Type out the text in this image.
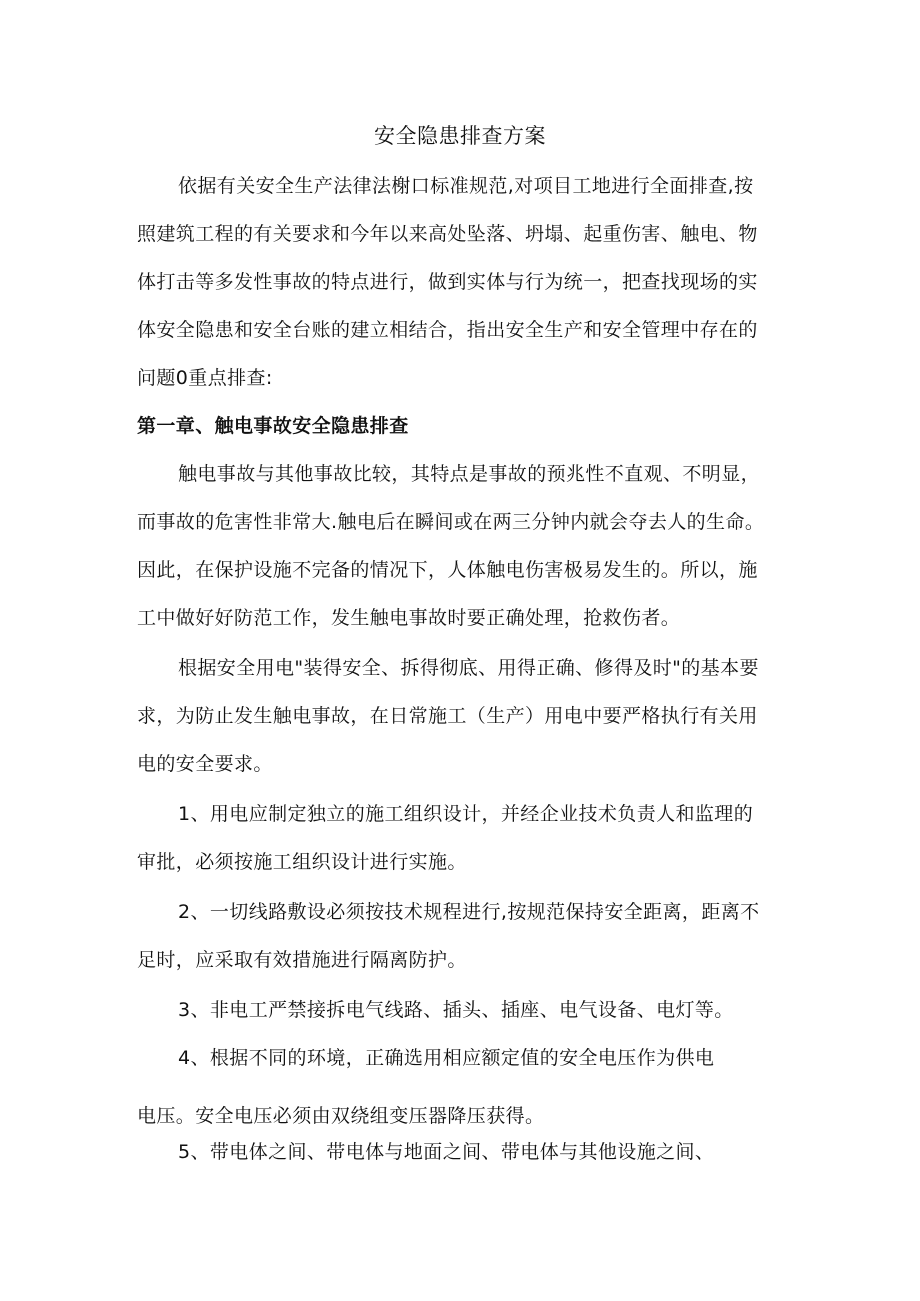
安全隐患排查方案
依据有关安全生产法律法榭口标准规范,对项目工地进行全面排查,按
照建筑工程的有关要求和今年以来高处坠落、坍塌、起重伤害、触电、物
体打击等多发性事故的特点进行，做到实体与行为统一，把查找现场的实
体安全隐患和安全台账的建立相结合，指出安全生产和安全管理中存在的
问题0重点排查:
第一章、触电事故安全隐患排查
触电事故与其他事故比较，其特点是事故的预兆性不直观、不明显，
而事故的危害性非常大.触电后在瞬间或在两三分钟内就会夺去人的生命。
因此，在保护设施不完备的情况下，人体触电伤害极易发生的。所以，施
工中做好好防范工作，发生触电事故时要正确处理，抢救伤者。
根据安全用电"装得安全、拆得彻底、用得正确、修得及时"的基本要
求，为防止发生触电事故，在日常施工（生产）用电中要严格执行有关用
电的安全要求。
1、用电应制定独立的施工组织设计，并经企业技术负责人和监理的
审批，必须按施工组织设计进行实施。
2、一切线路敷设必须按技术规程进行,按规范保持安全距离，距离不
足时，应采取有效措施进行隔离防护。
3、非电工严禁接拆电气线路、插头、插座、电气设备、电灯等。
4、根据不同的环境，正确选用相应额定值的安全电压作为供电
电压。安全电压必须由双绕组变压器降压获得。
5、带电体之间、带电体与地面之间、带电体与其他设施之间、
